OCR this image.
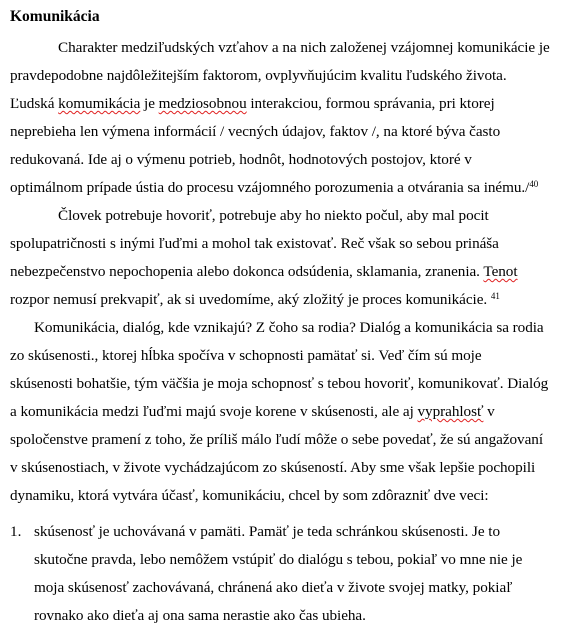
Komunikácia
Charakter medziľudských vzťahov a na nich založenej vzájomnej komunikácie je
pravdepodobne najdôležitejším faktorom, ovplyvňujúcim kvalitu ľudského života.
Ľudská komumikácia je medziosobnou interakciou, formou správania, pri ktorej
neprebieha len výmena informácií / vecných údajov, faktov /, na ktoré býva často
redukovaná. Ide aj o výmenu potrieb, hodnôt, hodnotových postojov, ktoré v
optimálnom prípade ústia do procesu vzájomného porozumenia a otvárania sa inému./$^{40}$
Človek potrebuje hovoriť, potrebuje aby ho niekto počul, aby mal pocit
spolupatričnosti s inými ľuďmi a mohol tak existovať. Reč však so sebou prináša
nebezpečenstvo nepochopenia alebo dokonca odsúdenia, sklamania, zranenia. Tenot
rozpor nemusí prekvapiť, ak si uvedomíme, aký zložitý je proces komunikácie. $^{41}$
Komunikácia, dialóg, kde vznikajú? Z čoho sa rodia? Dialóg a komunikácia sa rodia
zo skúsenosti., ktorej hĺbka spočíva v schopnosti pamätať si. Veď čím sú moje
skúsenosti bohatšie, tým väčšia je moja schopnosť s tebou hovoriť, komunikovať. Dialóg
a komunikácia medzi ľuďmi majú svoje korene v skúsenosti, ale aj vyprahlosť v
spoločenstve pramení z toho, že príliš málo ľudí môže o sebe povedať, že sú angažovaní
v skúsenostiach, v živote vychádzajúcom zo skúseností. Aby sme však lepšie pochopili
dynamiku, ktorá vytvára účasť, komunikáciu, chcel by som zdôrazniť dve veci:
1. skúsenosť je uchovávaná v pamäti. Pamäť je teda schránkou skúsenosti. Je to
skutočne pravda, lebo nemôžem vstúpiť do dialógu s tebou, pokiaľ vo mne nie je
moja skúsenosť zachovávaná, chránená ako dieťa v živote svojej matky, pokiaľ
rovnako ako dieťa aj ona sama nerastie ako čas ubieha.
